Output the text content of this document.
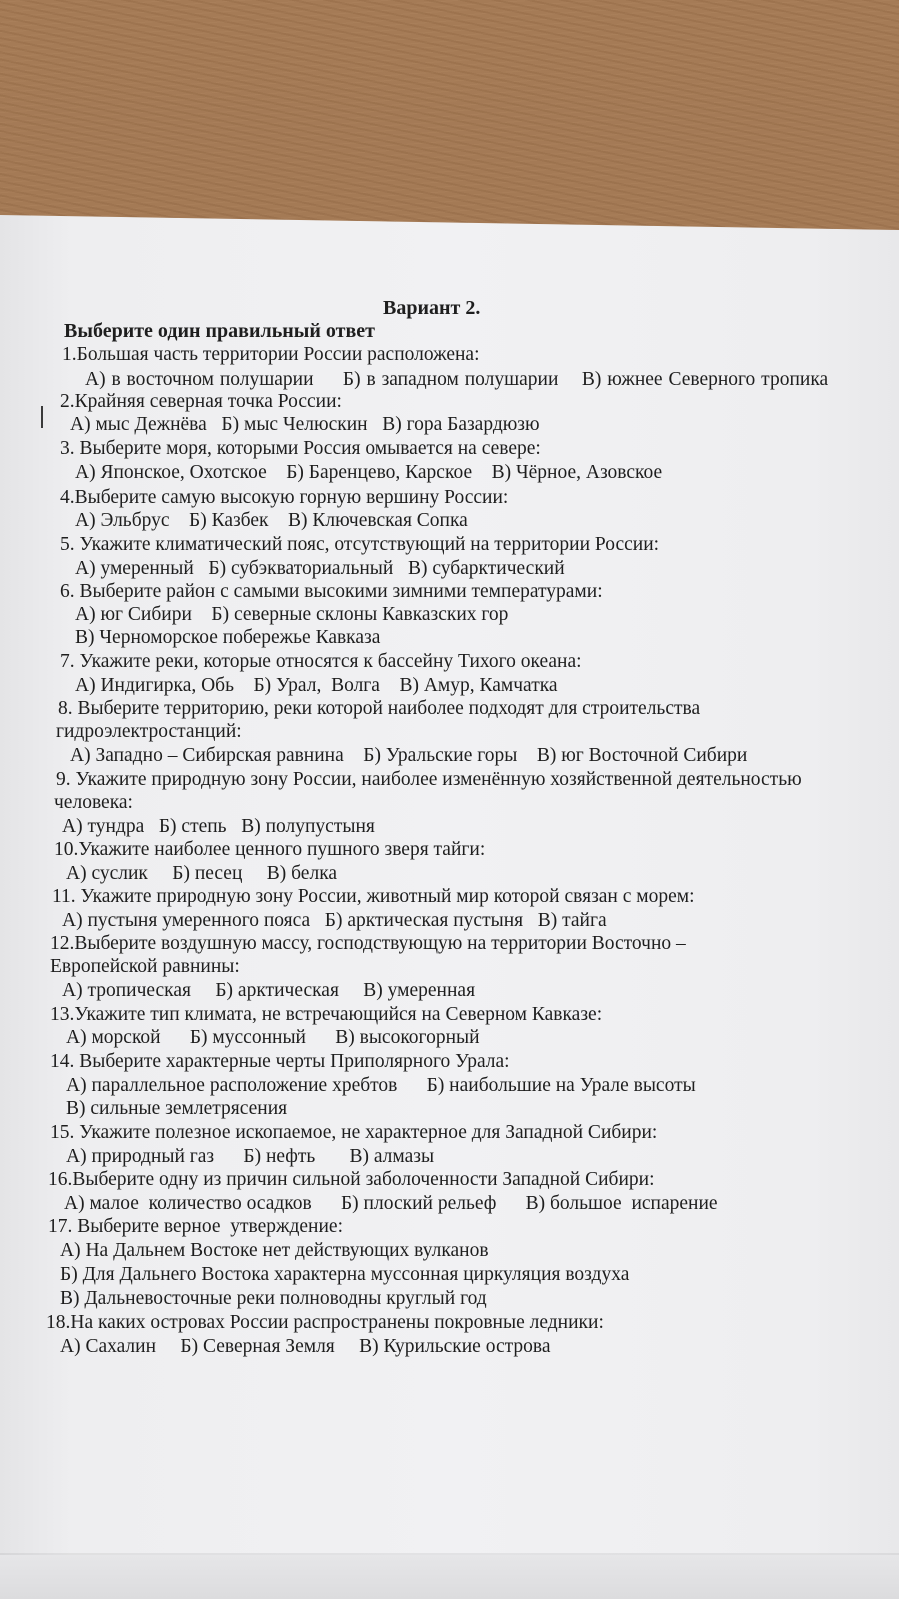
Вариант 2.
Выберите один правильный ответ
1.Большая часть территории России расположена:
А) в восточном полушарии     Б) в западном полушарии    В) южнее Северного тропика
2.Крайняя северная точка России:
А) мыс Дежнёва   Б) мыс Челюскин   В) гора Базардюзю
3. Выберите моря, которыми Россия омывается на севере:
А) Японское, Охотское    Б) Баренцево, Карское    В) Чёрное, Азовское
4.Выберите самую высокую горную вершину России:
А) Эльбрус    Б) Казбек    В) Ключевская Сопка
5. Укажите климатический пояс, отсутствующий на территории России:
А) умеренный   Б) субэкваториальный   В) субарктический
6. Выберите район с самыми высокими зимними температурами:
А) юг Сибири    Б) северные склоны Кавказских гор
В) Черноморское побережье Кавказа
7. Укажите реки, которые относятся к бассейну Тихого океана:
А) Индигирка, Обь    Б) Урал,  Волга    В) Амур, Камчатка
8. Выберите территорию, реки которой наиболее подходят для строительства
гидроэлектростанций:
А) Западно – Сибирская равнина    Б) Уральские горы    В) юг Восточной Сибири
9. Укажите природную зону России, наиболее изменённую хозяйственной деятельностью
человека:
А) тундра   Б) степь   В) полупустыня
10.Укажите наиболее ценного пушного зверя тайги:
А) суслик     Б) песец     В) белка
11. Укажите природную зону России, животный мир которой связан с морем:
А) пустыня умеренного пояса   Б) арктическая пустыня   В) тайга
12.Выберите воздушную массу, господствующую на территории Восточно –
Европейской равнины:
А) тропическая     Б) арктическая     В) умеренная
13.Укажите тип климата, не встречающийся на Северном Кавказе:
А) морской      Б) муссонный      В) высокогорный
14. Выберите характерные черты Приполярного Урала:
А) параллельное расположение хребтов      Б) наибольшие на Урале высоты
В) сильные землетрясения
15. Укажите полезное ископаемое, не характерное для Западной Сибири:
А) природный газ      Б) нефть       В) алмазы
16.Выберите одну из причин сильной заболоченности Западной Сибири:
А) малое  количество осадков      Б) плоский рельеф      В) большое  испарение
17. Выберите верное  утверждение:
А) На Дальнем Востоке нет действующих вулканов
Б) Для Дальнего Востока характерна муссонная циркуляция воздуха
В) Дальневосточные реки полноводны круглый год
18.На каких островах России распространены покровные ледники:
А) Сахалин     Б) Северная Земля     В) Курильские острова
